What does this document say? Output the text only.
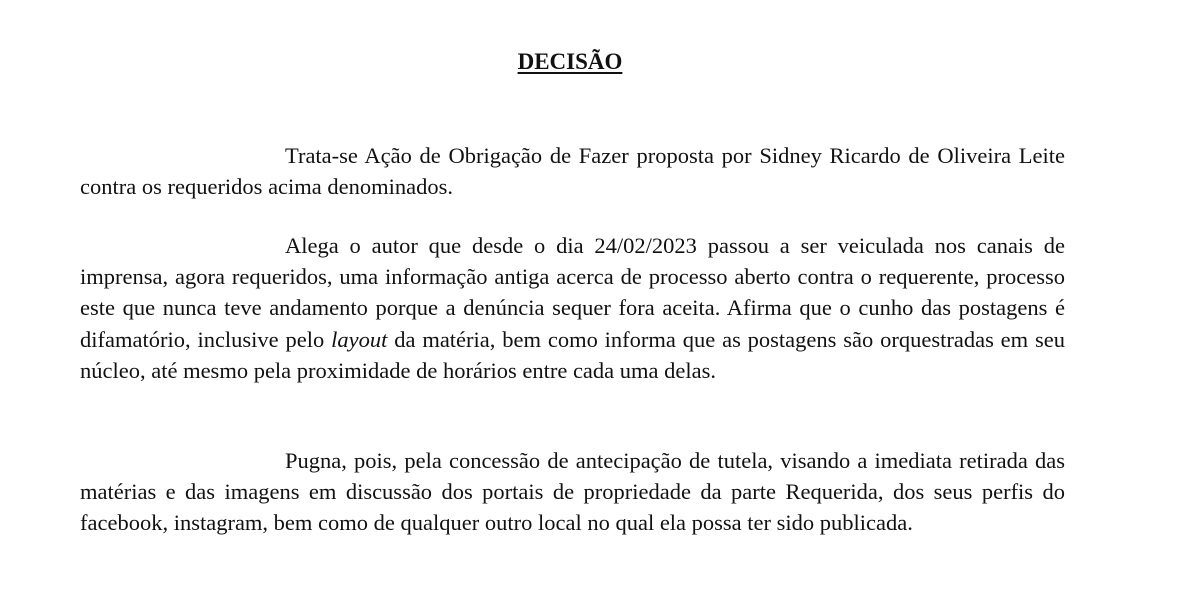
DECISÃO

Trata-se Ação de Obrigação de Fazer proposta por Sidney Ricardo de Oliveira Leite contra os requeridos acima denominados.

Alega o autor que desde o dia 24/02/2023 passou a ser veiculada nos canais de imprensa, agora requeridos, uma informação antiga acerca de processo aberto contra o requerente, processo este que nunca teve andamento porque a denúncia sequer fora aceita. Afirma que o cunho das postagens é difamatório, inclusive pelo layout da matéria, bem como informa que as postagens são orquestradas em seu núcleo, até mesmo pela proximidade de horários entre cada uma delas.

Pugna, pois, pela concessão de antecipação de tutela, visando a imediata retirada das matérias e das imagens em discussão dos portais de propriedade da parte Requerida, dos seus perfis do facebook, instagram, bem como de qualquer outro local no qual ela possa ter sido publicada.
